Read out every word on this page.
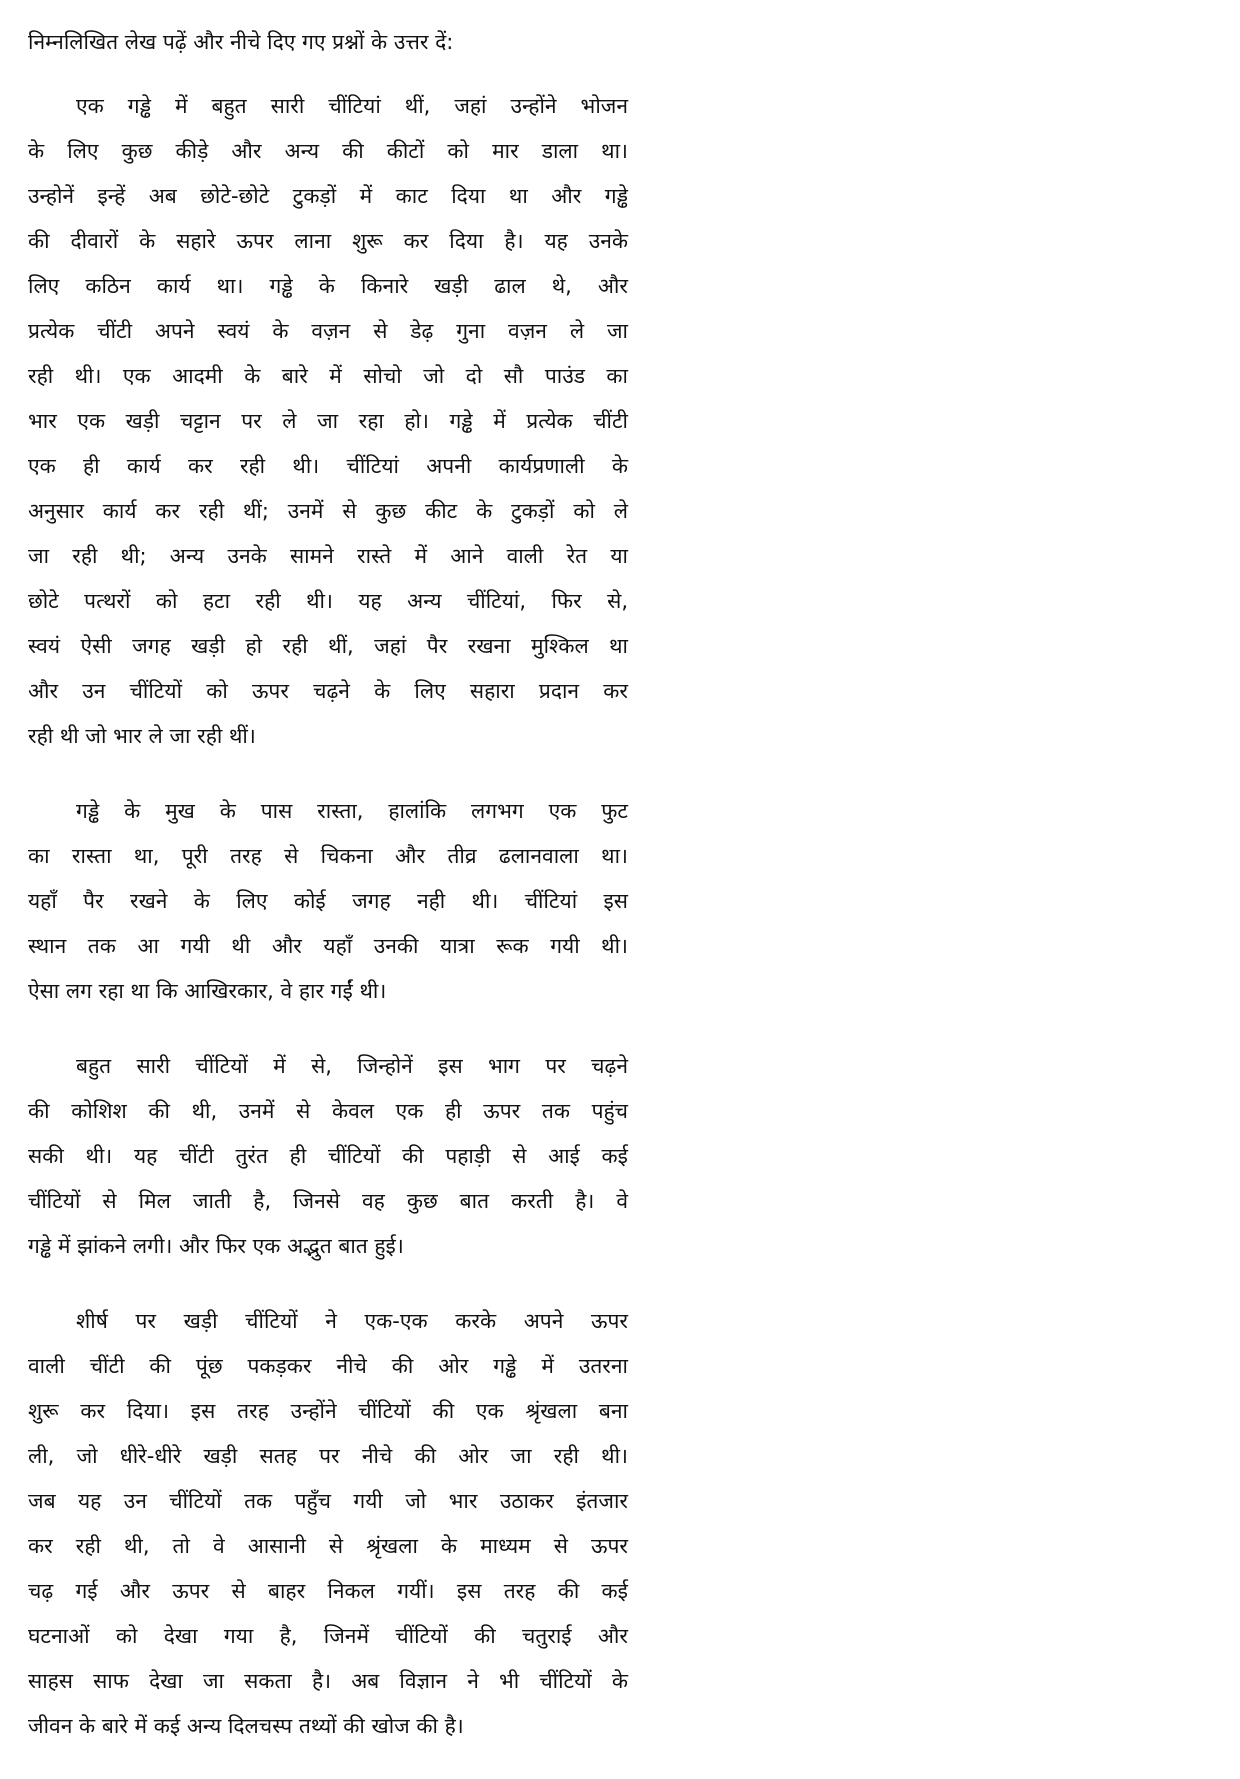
निम्नलिखित लेख पढ़ें और नीचे दिए गए प्रश्नों के उत्तर दें:
एक गड्ढे में बहुत सारी चींटियां थीं, जहां उन्होंने भोजन
के लिए कुछ कीड़े और अन्य की कीटों को मार डाला था।
उन्होनें इन्हें अब छोटे-छोटे टुकड़ों में काट दिया था और गड्ढे
की दीवारों के सहारे ऊपर लाना शुरू कर दिया है। यह उनके
लिए कठिन कार्य था। गड्ढे के किनारे खड़ी ढाल थे, और
प्रत्येक चींटी अपने स्वयं के वज़न से डेढ़ गुना वज़न ले जा
रही थी। एक आदमी के बारे में सोचो जो दो सौ पाउंड का
भार एक खड़ी चट्टान पर ले जा रहा हो। गड्ढे में प्रत्येक चींटी
एक ही कार्य कर रही थी। चींटियां अपनी कार्यप्रणाली के
अनुसार कार्य कर रही थीं; उनमें से कुछ कीट के टुकड़ों को ले
जा रही थी; अन्य उनके सामने रास्ते में आने वाली रेत या
छोटे पत्थरों को हटा रही थी। यह अन्य चींटियां, फिर से,
स्वयं ऐसी जगह खड़ी हो रही थीं, जहां पैर रखना मुश्किल था
और उन चींटियों को ऊपर चढ़ने के लिए सहारा प्रदान कर
रही थी जो भार ले जा रही थीं।
गड्ढे के मुख के पास रास्ता, हालांकि लगभग एक फुट
का रास्ता था, पूरी तरह से चिकना और तीव्र ढलानवाला था।
यहाँ पैर रखने के लिए कोई जगह नही थी। चींटियां इस
स्थान तक आ गयी थी और यहाँ उनकी यात्रा रूक गयी थी।
ऐसा लग रहा था कि आखिरकार, वे हार गईं थी।
बहुत सारी चींटियों में से, जिन्होनें इस भाग पर चढ़ने
की कोशिश की थी, उनमें से केवल एक ही ऊपर तक पहुंच
सकी थी। यह चींटी तुरंत ही चींटियों की पहाड़ी से आई कई
चींटियों से मिल जाती है, जिनसे वह कुछ बात करती है। वे
गड्ढे में झांकने लगी। और फिर एक अद्भुत बात हुई।
शीर्ष पर खड़ी चींटियों ने एक-एक करके अपने ऊपर
वाली चींटी की पूंछ पकड़कर नीचे की ओर गड्ढे में उतरना
शुरू कर दिया। इस तरह उन्होंने चींटियों की एक श्रृंखला बना
ली, जो धीरे-धीरे खड़ी सतह पर नीचे की ओर जा रही थी।
जब यह उन चींटियों तक पहुँच गयी जो भार उठाकर इंतजार
कर रही थी, तो वे आसानी से श्रृंखला के माध्यम से ऊपर
चढ़ गई और ऊपर से बाहर निकल गयीं। इस तरह की कई
घटनाओं को देखा गया है, जिनमें चींटियों की चतुराई और
साहस साफ देखा जा सकता है। अब विज्ञान ने भी चींटियों के
जीवन के बारे में कई अन्य दिलचस्प तथ्यों की खोज की है।
